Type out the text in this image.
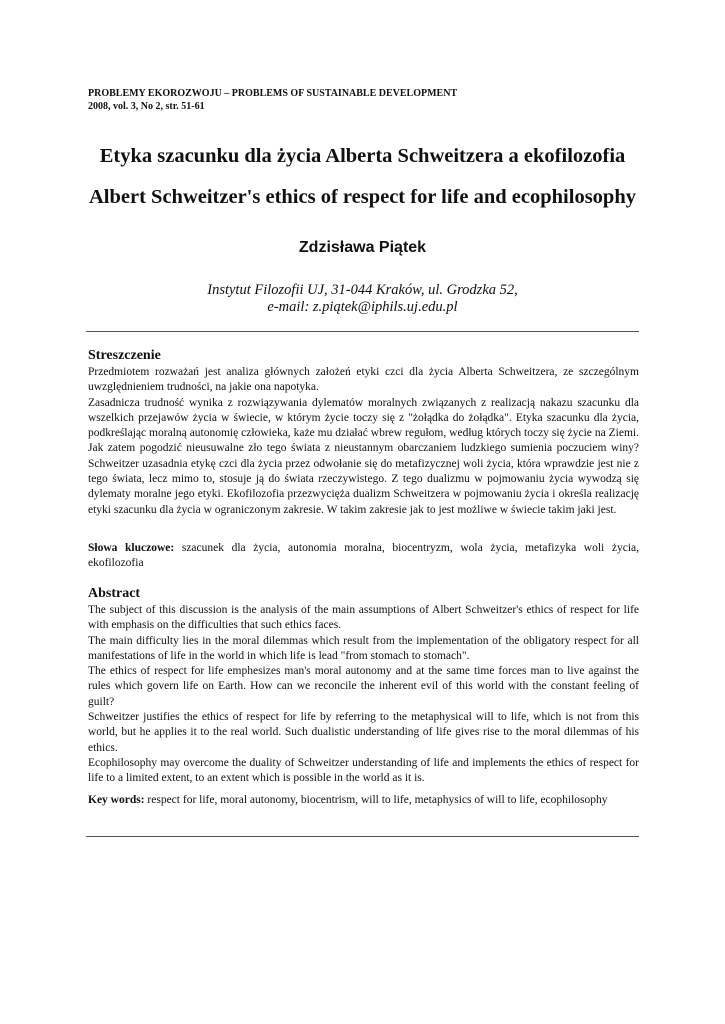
PROBLEMY EKOROZWOJU – PROBLEMS OF SUSTAINABLE DEVELOPMENT
2008, vol. 3, No 2, str. 51-61
Etyka szacunku dla życia Alberta Schweitzera a ekofilozofia
Albert Schweitzer's ethics of respect for life and ecophilosophy
Zdzisława Piątek
Instytut Filozofii UJ, 31-044 Kraków, ul. Grodzka 52,
e-mail: z.piątek@iphils.uj.edu.pl
Streszczenie

Przedmiotem rozważań jest analiza głównych założeń etyki czci dla życia Alberta Schweitzera, ze szczególnym uwzględnieniem trudności, na jakie ona napotyka.

Zasadnicza trudność wynika z rozwiązywania dylematów moralnych związanych z realizacją nakazu szacunku dla wszelkich przejawów życia w świecie, w którym życie toczy się z "żołądka do żołądka". Etyka szacunku dla życia, podkreślając moralną autonomię człowieka, każe mu działać wbrew regułom, według których toczy się życie na Ziemi. Jak zatem pogodzić nieusuwalne zło tego świata z nieustannym obarczaniem ludzkiego sumienia poczuciem winy? Schweitzer uzasadnia etykę czci dla życia przez odwołanie się do metafizycznej woli życia, która wprawdzie jest nie z tego świata, lecz mimo to, stosuje ją do świata rzeczywistego. Z tego dualizmu w pojmowaniu życia wywodzą się dylematy moralne jego etyki. Ekofilozofia przezwycięża dualizm Schweitzera w pojmowaniu życia i określa realizację etyki szacunku dla życia w ograniczonym zakresie. W takim zakresie jak to jest możliwe w świecie takim jaki jest.

Słowa kluczowe: szacunek dla życia, autonomia moralna, biocentryzm, wola życia, metafizyka woli życia, ekofilozofia
Abstract

The subject of this discussion is the analysis of the main assumptions of Albert Schweitzer's ethics of respect for life with emphasis on the difficulties that such ethics faces.

The main difficulty lies in the moral dilemmas which result from the implementation of the obligatory respect for all manifestations of life in the world in which life is lead "from stomach to stomach".

The ethics of respect for life emphesizes man's moral autonomy and at the same time forces man to live against the rules which govern life on Earth. How can we reconcile the inherent evil of this world with the constant feeling of guilt?

Schweitzer justifies the ethics of respect for life by referring to the metaphysical will to life, which is not from this world, but he applies it to the real world. Such dualistic understanding of life gives rise to the moral dilemmas of his ethics.

Ecophilosophy may overcome the duality of Schweitzer understanding of life and implements the ethics of respect for life to a limited extent, to an extent which is possible in the world as it is.

Key words: respect for life, moral autonomy, biocentrism, will to life, metaphysics of will to life, ecophilosophy
